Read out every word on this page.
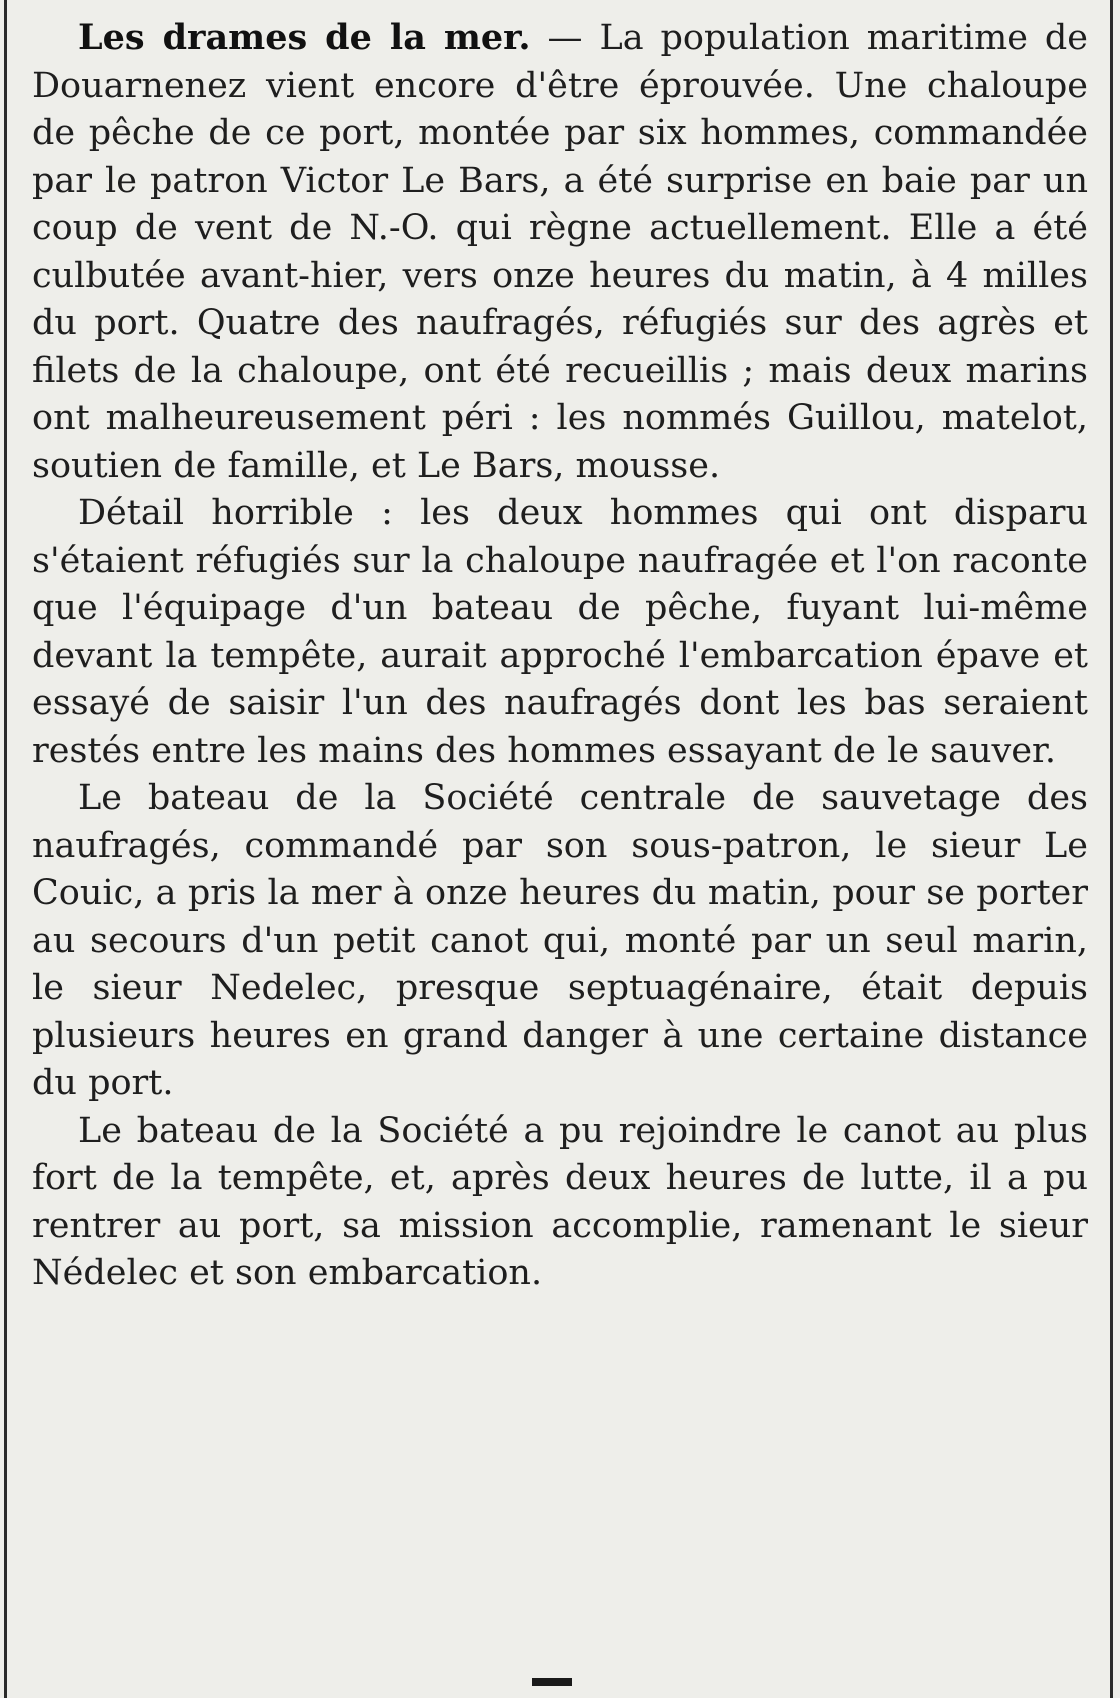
Les drames de la mer. — La population maritime de Douarnenez vient encore d'être éprouvée. Une chaloupe de pêche de ce port, montée par six hommes, commandée par le patron Victor Le Bars, a été surprise en baie par un coup de vent de N.-O. qui règne actuellement. Elle a été culbutée avant-hier, vers onze heures du matin, à 4 milles du port. Quatre des naufragés, réfugiés sur des agrès et filets de la chaloupe, ont été recueillis ; mais deux marins ont malheureusement péri : les nommés Guillou, matelot, soutien de famille, et Le Bars, mousse.

Détail horrible : les deux hommes qui ont disparu s'étaient réfugiés sur la chaloupe naufragée et l'on raconte que l'équipage d'un bateau de pêche, fuyant lui-même devant la tempête, aurait approché l'embarcation épave et essayé de saisir l'un des naufragés dont les bas seraient restés entre les mains des hommes essayant de le sauver.

Le bateau de la Société centrale de sauvetage des naufragés, commandé par son sous-patron, le sieur Le Couic, a pris la mer à onze heures du matin, pour se porter au secours d'un petit canot qui, monté par un seul marin, le sieur Nedelec, presque septuagénaire, était depuis plusieurs heures en grand danger à une certaine distance du port.

Le bateau de la Société a pu rejoindre le canot au plus fort de la tempête, et, après deux heures de lutte, il a pu rentrer au port, sa mission accomplie, ramenant le sieur Nédelec et son embarcation.
